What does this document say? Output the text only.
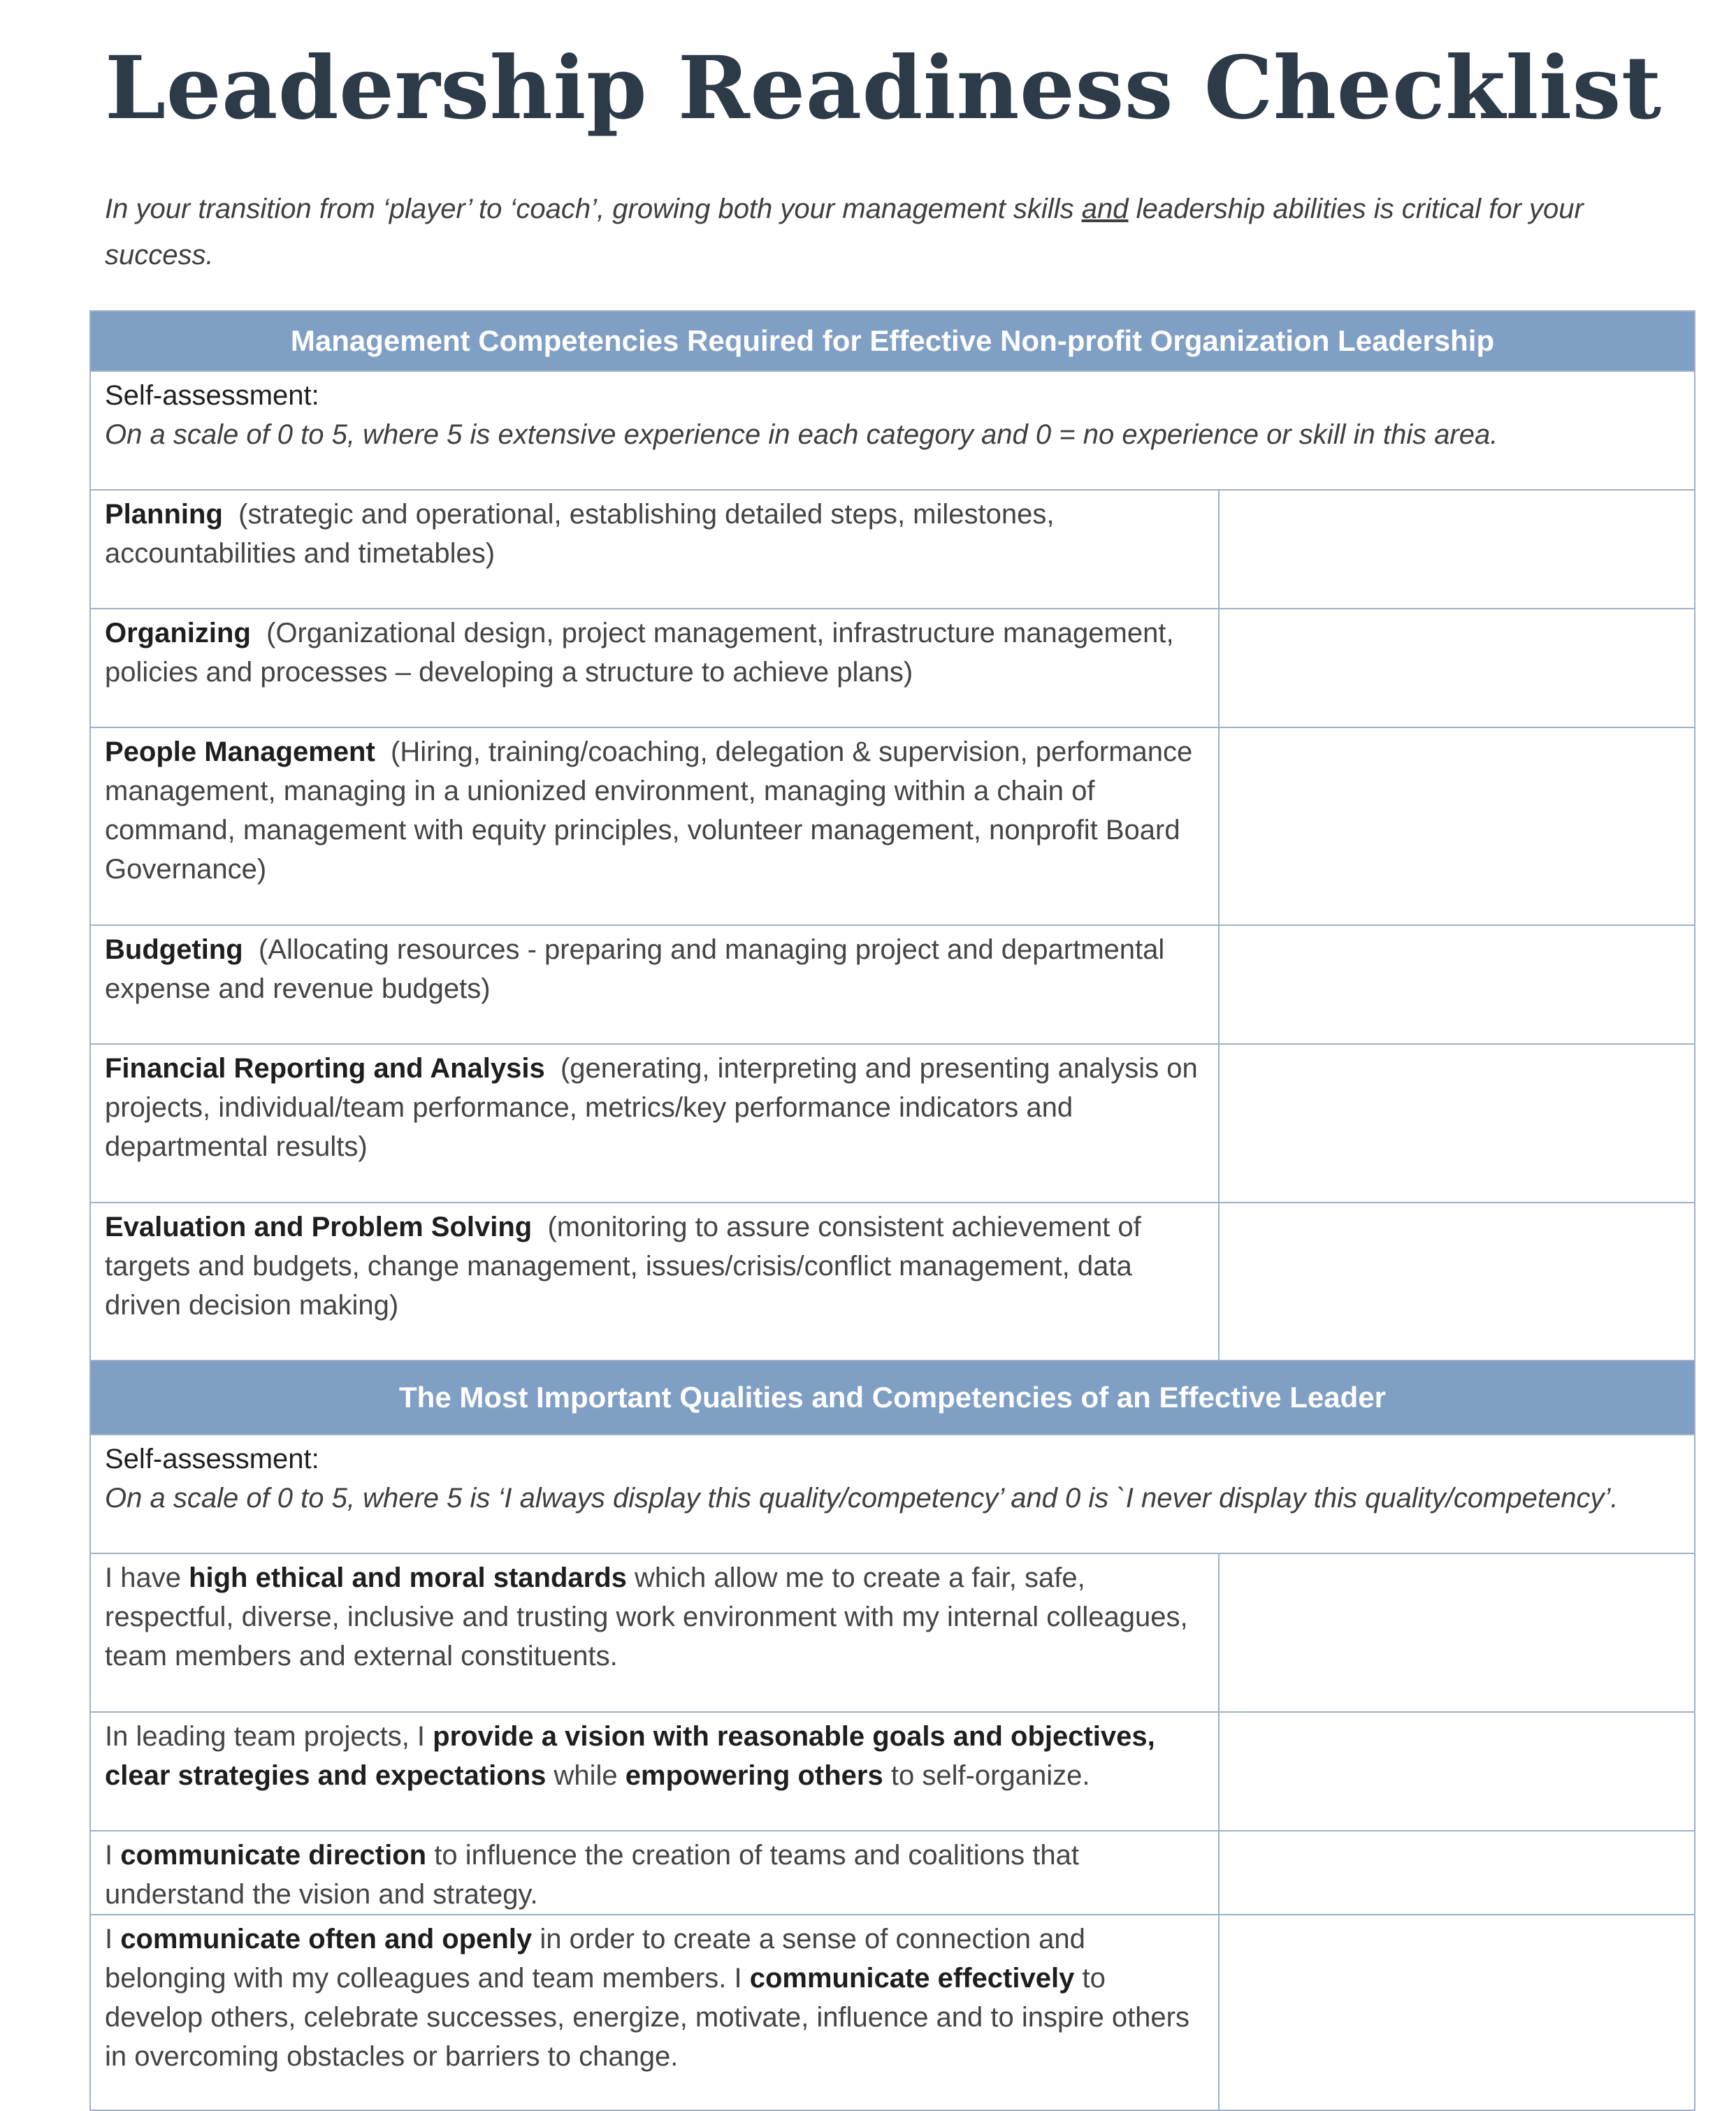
Leadership Readiness Checklist

In your transition from ‘player’ to ‘coach’, growing both your management skills and leadership abilities is critical for your success.

Management Competencies Required for Effective Non-profit Organization Leadership	

Self-assessment:
On a scale of 0 to 5, where 5 is extensive experience in each category and 0 = no experience or skill in this area.	

Planning (strategic and operational, establishing detailed steps, milestones, accountabilities and timetables)	
Organizing (Organizational design, project management, infrastructure management, policies and processes – developing a structure to achieve plans)	
People Management (Hiring, training/coaching, delegation & supervision, performance management, managing in a unionized environment, managing within a chain of command, management with equity principles, volunteer management, nonprofit Board Governance)	
Budgeting (Allocating resources - preparing and managing project and departmental expense and revenue budgets)	
Financial Reporting and Analysis (generating, interpreting and presenting analysis on projects, individual/team performance, metrics/key performance indicators and departmental results)	
Evaluation and Problem Solving (monitoring to assure consistent achievement of targets and budgets, change management, issues/crisis/conflict management, data driven decision making)	
The Most Important Qualities and Competencies of an Effective Leader	

Self-assessment:
On a scale of 0 to 5, where 5 is ‘I always display this quality/competency’ and 0 is `I never display this quality/competency’.	

I have high ethical and moral standards which allow me to create a fair, safe, respectful, diverse, inclusive and trusting work environment with my internal colleagues, team members and external constituents.	
In leading team projects, I provide a vision with reasonable goals and objectives, clear strategies and expectations while empowering others to self-organize.	
I communicate direction to influence the creation of teams and coalitions that understand the vision and strategy.	
I communicate often and openly in order to create a sense of connection and belonging with my colleagues and team members. I communicate effectively to develop others, celebrate successes, energize, motivate, influence and to inspire others in overcoming obstacles or barriers to change.	
